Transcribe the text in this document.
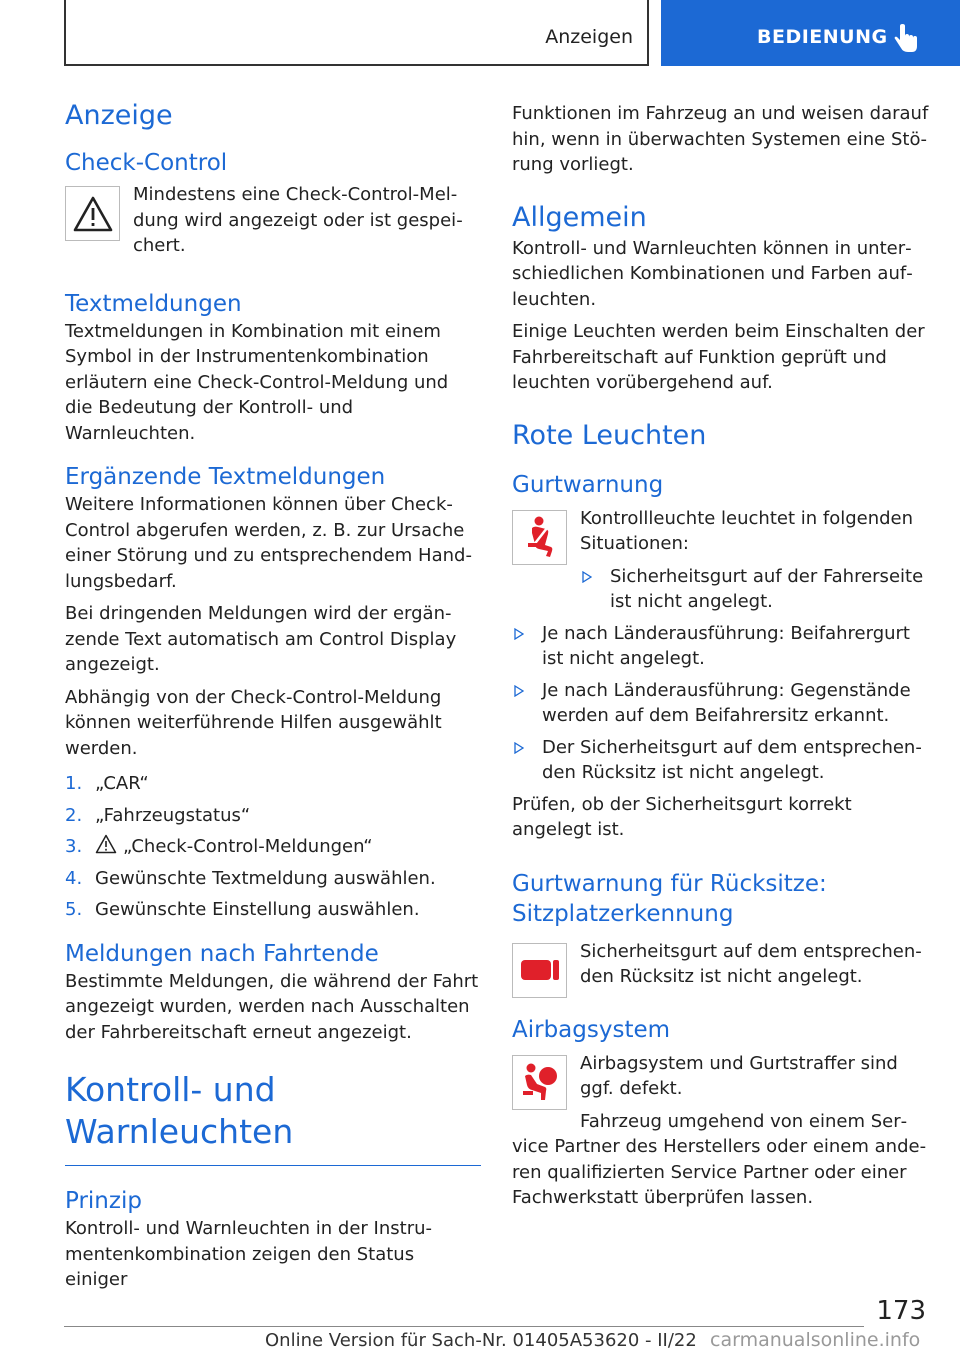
Anzeigen	BEDIENUNG
Anzeige
Check-Control

Mindestens eine Check-Control-Meldung wird angezeigt oder ist gespeichert.

Textmeldungen

Textmeldungen in Kombination mit einem Symbol in der Instrumentenkombination erläutern eine Check-Control-Meldung und die Bedeutung der Kontroll- und Warnleuchten.

Ergänzende Textmeldungen

Weitere Informationen können über Check-Control abgerufen werden, z. B. zur Ursache einer Störung und zu entsprechendem Handlungsbedarf.

Bei dringenden Meldungen wird der ergänzende Text automatisch am Control Display angezeigt.

Abhängig von der Check-Control-Meldung können weiterführende Hilfen ausgewählt werden.

1. „CAR“
2. „Fahrzeugstatus“
3. „Check-Control-Meldungen“
4. Gewünschte Textmeldung auswählen.
5. Gewünschte Einstellung auswählen.
Meldungen nach Fahrtende

Bestimmte Meldungen, die während der Fahrt angezeigt wurden, werden nach Ausschalten der Fahrbereitschaft erneut angezeigt.

Kontroll- und Warnleuchten
Prinzip

Kontroll- und Warnleuchten in der Instrumentenkombination zeigen den Status einiger

Funktionen im Fahrzeug an und weisen darauf hin, wenn in überwachten Systemen eine Störung vorliegt.

Allgemein

Kontroll- und Warnleuchten können in unterschiedlichen Kombinationen und Farben aufleuchten.

Einige Leuchten werden beim Einschalten der Fahrbereitschaft auf Funktion geprüft und leuchten vorübergehend auf.

Rote Leuchten
Gurtwarnung

Kontrollleuchte leuchtet in folgenden Situationen:

Sicherheitsgurt auf der Fahrerseite ist nicht angelegt.
Je nach Länderausführung: Beifahrergurt ist nicht angelegt.
Je nach Länderausführung: Gegenstände werden auf dem Beifahrersitz erkannt.
Der Sicherheitsgurt auf dem entsprechenden Rücksitz ist nicht angelegt.

Prüfen, ob der Sicherheitsgurt korrekt angelegt ist.

Gurtwarnung für Rücksitze: Sitzplatzerkennung

Sicherheitsgurt auf dem entsprechenden Rücksitz ist nicht angelegt.

Airbagsystem

Airbagsystem und Gurtstraffer sind ggf. defekt.

Fahrzeug umgehend von einem Service Partner des Herstellers oder einem anderen qualifizierten Service Partner oder einer Fachwerkstatt überprüfen lassen.

173
Online Version für Sach-Nr. 01405A53620 - II/22 carmanualsonline.info
